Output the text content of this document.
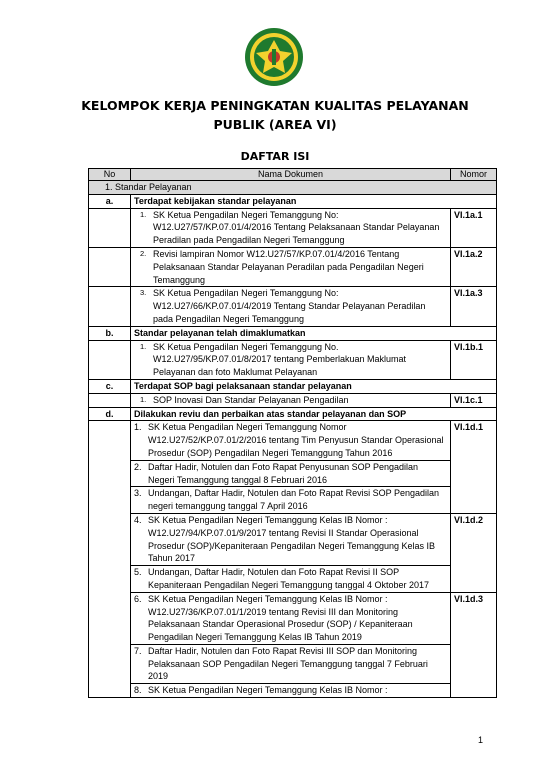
KELOMPOK KERJA PENINGKATAN KUALITAS PELAYANAN
PUBLIK (AREA VI)
DAFTAR ISI
No	Nama Dokumen	Nomor
1. Standar Pelayanan		
a.	Terdapat kebijakan standar pelayanan	

	1. SK Ketua Pengadilan Negeri Temanggung No: W12.U27/57/KP.07.01/4/2016 Tentang Pelaksanaan Standar Pelayanan Peradilan pada Pengadilan Negeri Temanggung	VI.1a.1

	2. Revisi lampiran Nomor W12.U27/57/KP.07.01/4/2016 Tentang Pelaksanaan Standar Pelayanan Peradilan pada Pengadilan Negeri Temanggung	VI.1a.2

	3. SK Ketua Pengadilan Negeri Temanggung No: W12.U27/66/KP.07.01/4/2019 Tentang Standar Pelayanan Peradilan pada Pengadilan Negeri Temanggung	VI.1a.3
b.	Standar pelayanan telah dimaklumatkan	

	1. SK Ketua Pengadilan Negeri Temanggung No. W12.U27/95/KP.07.01/8/2017 tentang Pemberlakuan Maklumat Pelayanan dan foto Maklumat Pelayanan	VI.1b.1
c.	Terdapat SOP bagi pelaksanaan standar pelayanan	

	1. SOP Inovasi Dan Standar Pelayanan Pengadilan	VI.1c.1
d.	Dilakukan reviu dan perbaikan atas standar pelayanan dan SOP	

	1. SK Ketua Pengadilan Negeri Temanggung Nomor W12.U27/52/KP.07.01/2/2016 tentang Tim Penyusun Standar Operasional Prosedur (SOP) Pengadilan Negeri Temanggung Tahun 2016	VI.1d.1

	2. Daftar Hadir, Notulen dan Foto Rapat Penyusunan SOP Pengadilan Negeri Temanggung tanggal 8 Februari 2016	

	3. Undangan, Daftar Hadir, Notulen dan Foto Rapat Revisi SOP Pengadilan negeri temanggung tanggal 7 April 2016	

	4. SK Ketua Pengadilan Negeri Temanggung Kelas IB Nomor : W12.U27/94/KP.07.01/9/2017 tentang Revisi II Standar Operasional Prosedur (SOP)/Kepaniteraan Pengadilan Negeri Temanggung Kelas IB Tahun 2017	VI.1d.2

	5. Undangan, Daftar Hadir, Notulen dan Foto Rapat Revisi II SOP Kepaniteraan Pengadilan Negeri Temanggung tanggal 4 Oktober 2017	

	6. SK Ketua Pengadilan Negeri Temanggung Kelas IB Nomor : W12.U27/36/KP.07.01/1/2019 tentang Revisi III dan Monitoring Pelaksanaan Standar Operasional Prosedur (SOP) / Kepaniteraan Pengadilan Negeri Temanggung Kelas IB Tahun 2019	VI.1d.3

	7. Daftar Hadir, Notulen dan Foto Rapat Revisi III SOP dan Monitoring Pelaksanaan SOP Pengadilan Negeri Temanggung tanggal 7 Februari 2019	

	8. SK Ketua Pengadilan Negeri Temanggung Kelas IB Nomor :	
1
